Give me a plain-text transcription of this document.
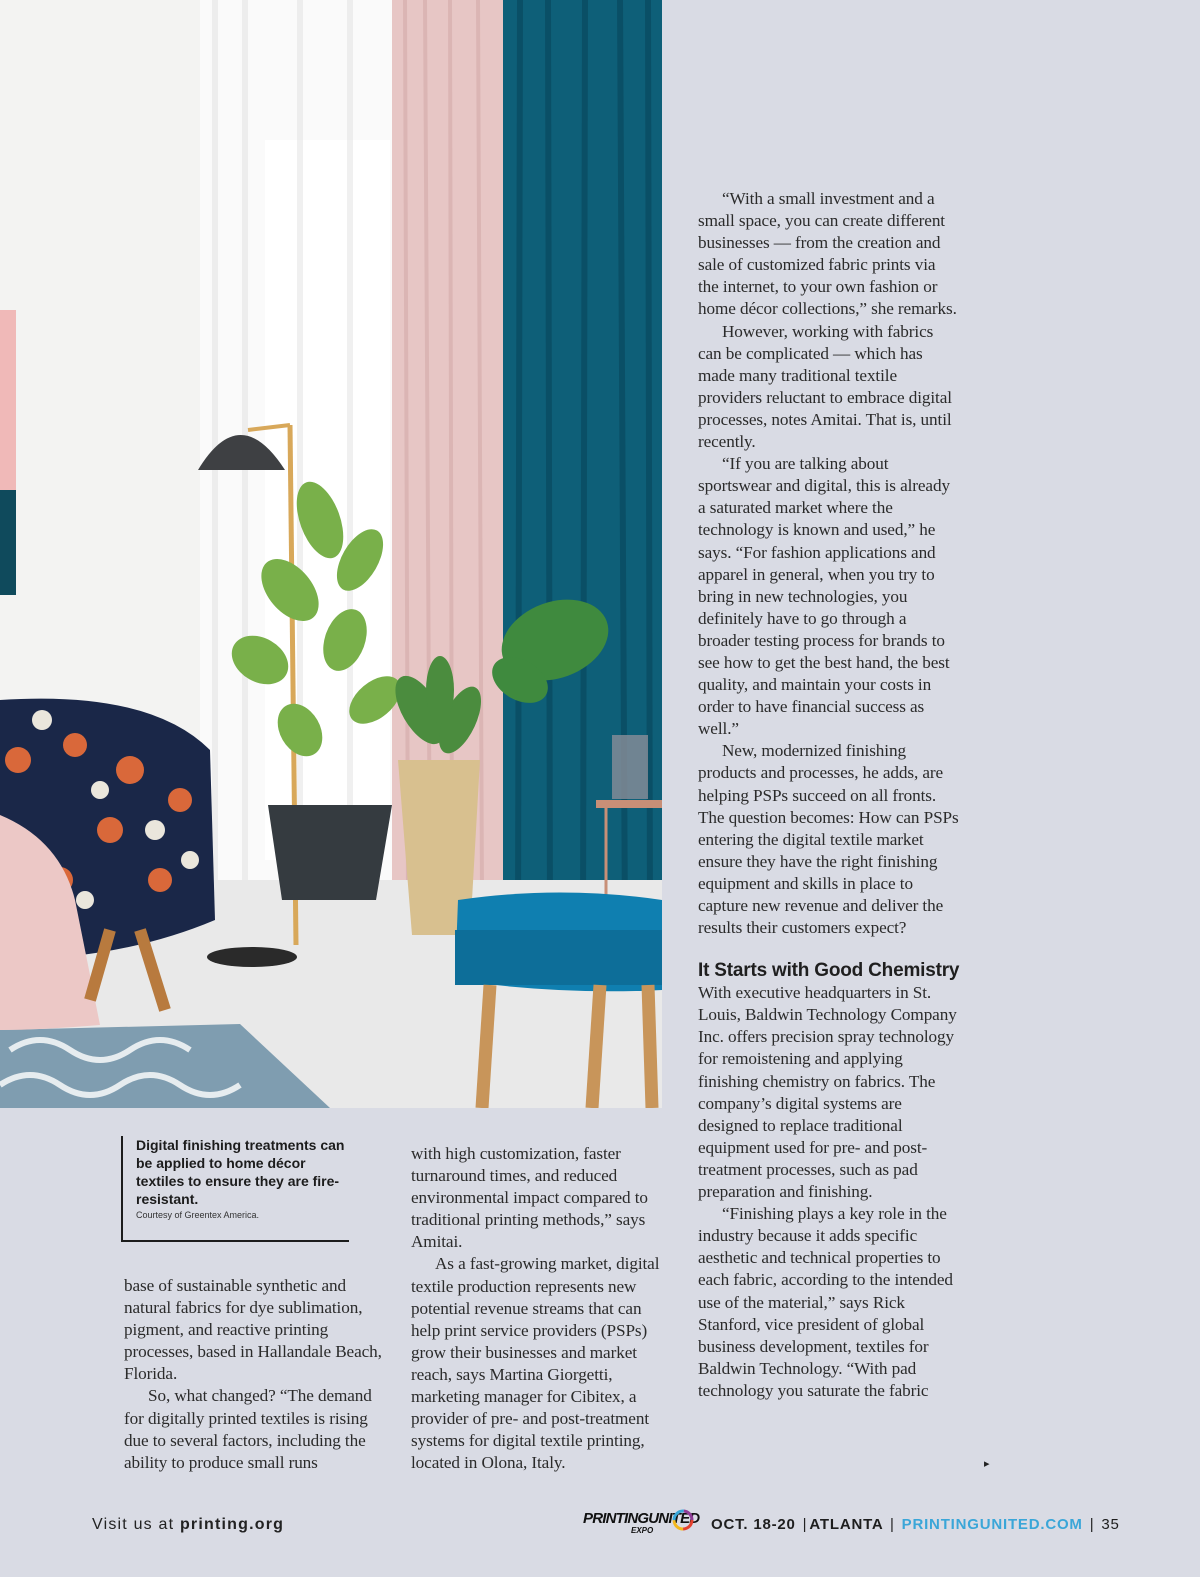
Digital finishing treatments can be applied to home décor textiles to ensure they are fire-resistant.

Courtesy of Greentex America.

base of sustainable synthetic and natural fabrics for dye sublimation, pigment, and reactive printing processes, based in Hallandale Beach, Florida.

So, what changed? “The demand for digitally printed textiles is rising due to several factors, including the ability to produce small runs

with high customization, faster turnaround times, and reduced environmental impact compared to traditional printing methods,” says Amitai.

As a fast-growing market, digital textile production represents new potential revenue streams that can help print service providers (PSPs) grow their businesses and market reach, says Martina Giorgetti, marketing manager for Cibitex, a provider of pre- and post-treatment systems for digital textile printing, located in Olona, Italy.

“With a small investment and a small space, you can create different businesses — from the creation and sale of customized fabric prints via the internet, to your own fashion or home décor collections,” she remarks.

However, working with fabrics can be complicated — which has made many traditional textile providers reluctant to embrace digital processes, notes Amitai. That is, until recently.

“If you are talking about sportswear and digital, this is already a saturated market where the technology is known and used,” he says. “For fashion applications and apparel in general, when you try to bring in new technologies, you definitely have to go through a broader testing process for brands to see how to get the best hand, the best quality, and maintain your costs in order to have financial success as well.”

New, modernized finishing products and processes, he adds, are helping PSPs succeed on all fronts. The question becomes: How can PSPs entering the digital textile market ensure they have the right finishing equipment and skills in place to capture new revenue and deliver the results their customers expect?

It Starts with Good Chemistry

With executive headquarters in St. Louis, Baldwin Technology Company Inc. offers precision spray technology for remoistening and applying finishing chemistry on fabrics. The company’s digital systems are designed to replace traditional equipment used for pre- and post-treatment processes, such as pad preparation and finishing.

“Finishing plays a key role in the industry because it adds specific aesthetic and technical properties to each fabric, according to the intended use of the material,” says Rick Stanford, vice president of global business development, textiles for Baldwin Technology. “With pad technology you saturate the fabric

▸
Visit us at printing.org	PRINTINGUNITED
EXPO	OCT. 18-20 | ATLANTA | PRINTINGUNITED.COM | 35
